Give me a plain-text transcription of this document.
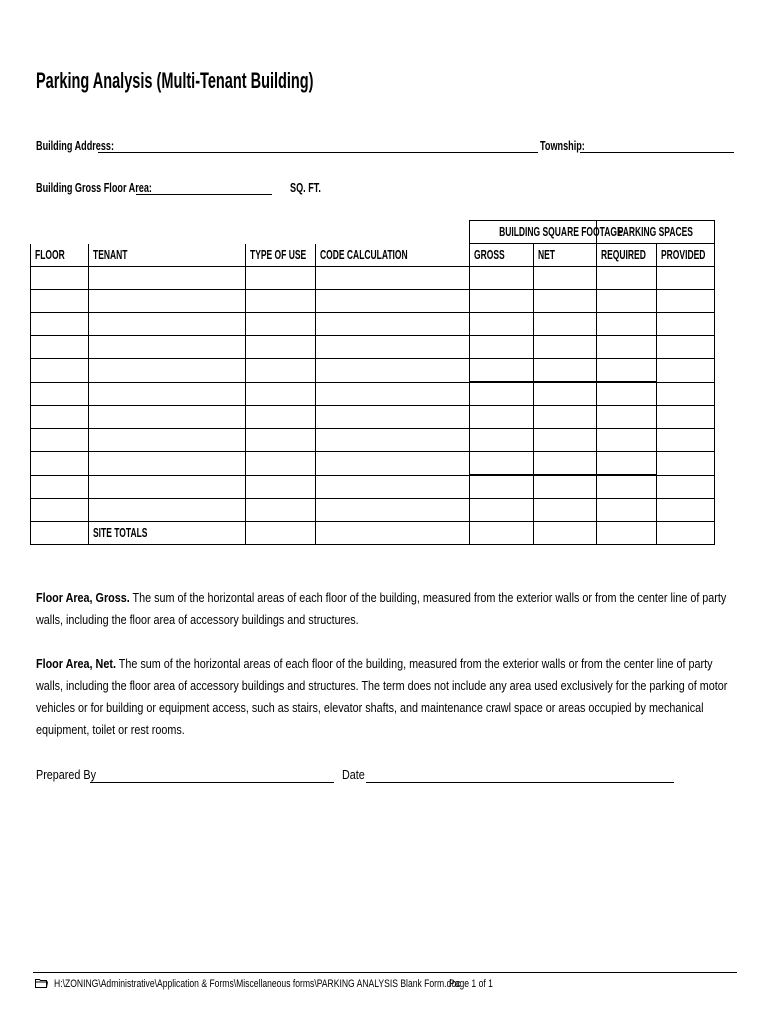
Parking Analysis (Multi-Tenant Building)
Building Address:	Township:
Building Gross Floor Area:	SQ. FT.
				BUILDING SQUARE FOOTAGE		PARKING SPACES	
FLOOR	TENANT	TYPE OF USE	CODE CALCULATION	GROSS	NET	REQUIRED	PROVIDED

	SITE TOTALS						
Floor Area, Gross. The sum of the horizontal areas of each floor of the building, measured from the exterior walls or from the center line of party walls, including the floor area of accessory buildings and structures.
Floor Area, Net. The sum of the horizontal areas of each floor of the building, measured from the exterior walls or from the center line of party walls, including the floor area of accessory buildings and structures. The term does not include any area used exclusively for the parking of motor vehicles or for building or equipment access, such as stairs, elevator shafts, and maintenance crawl space or areas occupied by mechanical equipment, toilet or rest rooms.
Prepared By	Date
H:\ZONING\Administrative\Application & Forms\Miscellaneous forms\PARKING ANALYSIS Blank Form.doc
Page 1 of 1
